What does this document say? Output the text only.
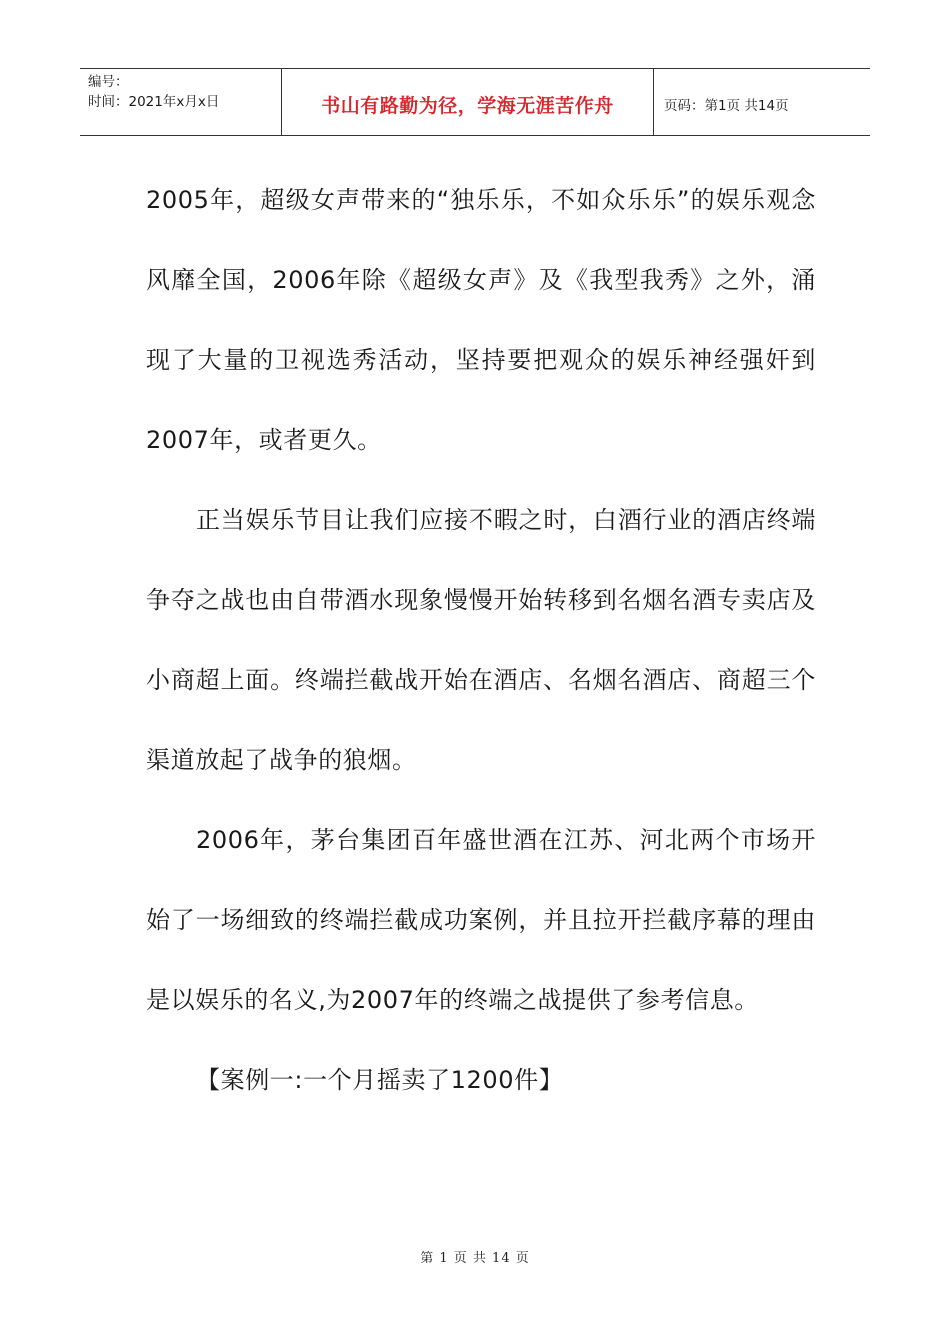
编号：
时间：2021年x月x日	书山有路勤为径，学海无涯苦作舟	页码：第1页 共14页

2005年，超级女声带来的“独乐乐，不如众乐乐”的娱乐观念风靡全国，2006年除《超级女声》及《我型我秀》之外，涌现了大量的卫视选秀活动，坚持要把观众的娱乐神经强奸到2007年，或者更久。

正当娱乐节目让我们应接不暇之时，白酒行业的酒店终端争夺之战也由自带酒水现象慢慢开始转移到名烟名酒专卖店及小商超上面。终端拦截战开始在酒店、名烟名酒店、商超三个渠道放起了战争的狼烟。

2006年，茅台集团百年盛世酒在江苏、河北两个市场开始了一场细致的终端拦截成功案例，并且拉开拦截序幕的理由是以娱乐的名义,为2007年的终端之战提供了参考信息。

【案例一:一个月摇卖了1200件】

第 1 页 共 14 页
